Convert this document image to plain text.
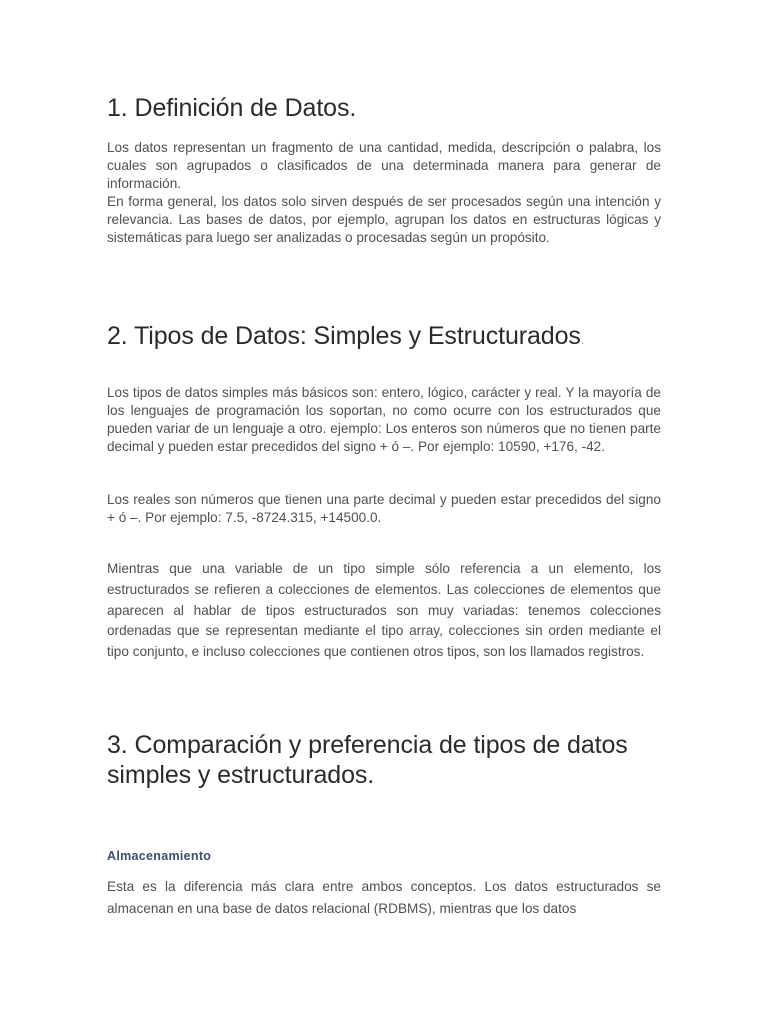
1. Definición de Datos.

Los datos representan un fragmento de una cantidad, medida, descripción o palabra, los cuales son agrupados o clasificados de una determinada manera para generar de información.

En forma general, los datos solo sirven después de ser procesados según una intención y relevancia. Las bases de datos, por ejemplo, agrupan los datos en estructuras lógicas y sistemáticas para luego ser analizadas o procesadas según un propósito.

2. Tipos de Datos: Simples y Estructurados.

Los tipos de datos simples más básicos son: entero, lógico, carácter y real. Y la mayoría de los lenguajes de programación los soportan, no como ocurre con los estructurados que pueden variar de un lenguaje a otro. ejemplo: Los enteros son números que no tienen parte decimal y pueden estar precedidos del signo + ó –. Por ejemplo: 10590, +176, -42.

Los reales son números que tienen una parte decimal y pueden estar precedidos del signo + ó –. Por ejemplo: 7.5, -8724.315, +14500.0.

Mientras que una variable de un tipo simple sólo referencia a un elemento, los estructurados se refieren a colecciones de elementos. Las colecciones de elementos que aparecen al hablar de tipos estructurados son muy variadas: tenemos colecciones ordenadas que se representan mediante el tipo array, colecciones sin orden mediante el tipo conjunto, e incluso colecciones que contienen otros tipos, son los llamados registros.

3. Comparación y preferencia de tipos de datos simples y estructurados.
Almacenamiento

Esta es la diferencia más clara entre ambos conceptos. Los datos estructurados se almacenan en una base de datos relacional (RDBMS), mientras que los datos
